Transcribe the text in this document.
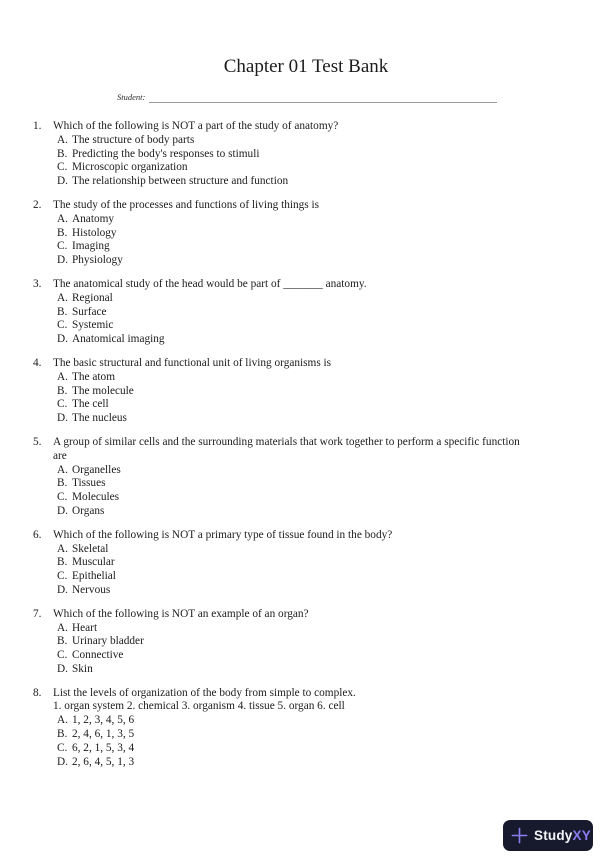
Chapter 01 Test Bank
Student:
1.	Which of the following is NOT a part of the study of anatomy?
A. The structure of body parts
B. Predicting the body's responses to stimuli
C. Microscopic organization
D. The relationship between structure and function
2.	The study of the processes and functions of living things is
A. Anatomy
B. Histology
C. Imaging
D. Physiology
3.	The anatomical study of the head would be part of _______ anatomy.
A. Regional
B. Surface
C. Systemic
D. Anatomical imaging
4.	The basic structural and functional unit of living organisms is
A. The atom
B. The molecule
C. The cell
D. The nucleus
5.	A group of similar cells and the surrounding materials that work together to perform a specific function
are
A. Organelles
B. Tissues
C. Molecules
D. Organs
6.	Which of the following is NOT a primary type of tissue found in the body?
A. Skeletal
B. Muscular
C. Epithelial
D. Nervous
7.	Which of the following is NOT an example of an organ?
A. Heart
B. Urinary bladder
C. Connective
D. Skin
8.	List the levels of organization of the body from simple to complex.
1. organ system 2. chemical 3. organism 4. tissue 5. organ 6. cell
A. 1, 2, 3, 4, 5, 6
B. 2, 4, 6, 1, 3, 5
C. 6, 2, 1, 5, 3, 4
D. 2, 6, 4, 5, 1, 3
StudyXY
